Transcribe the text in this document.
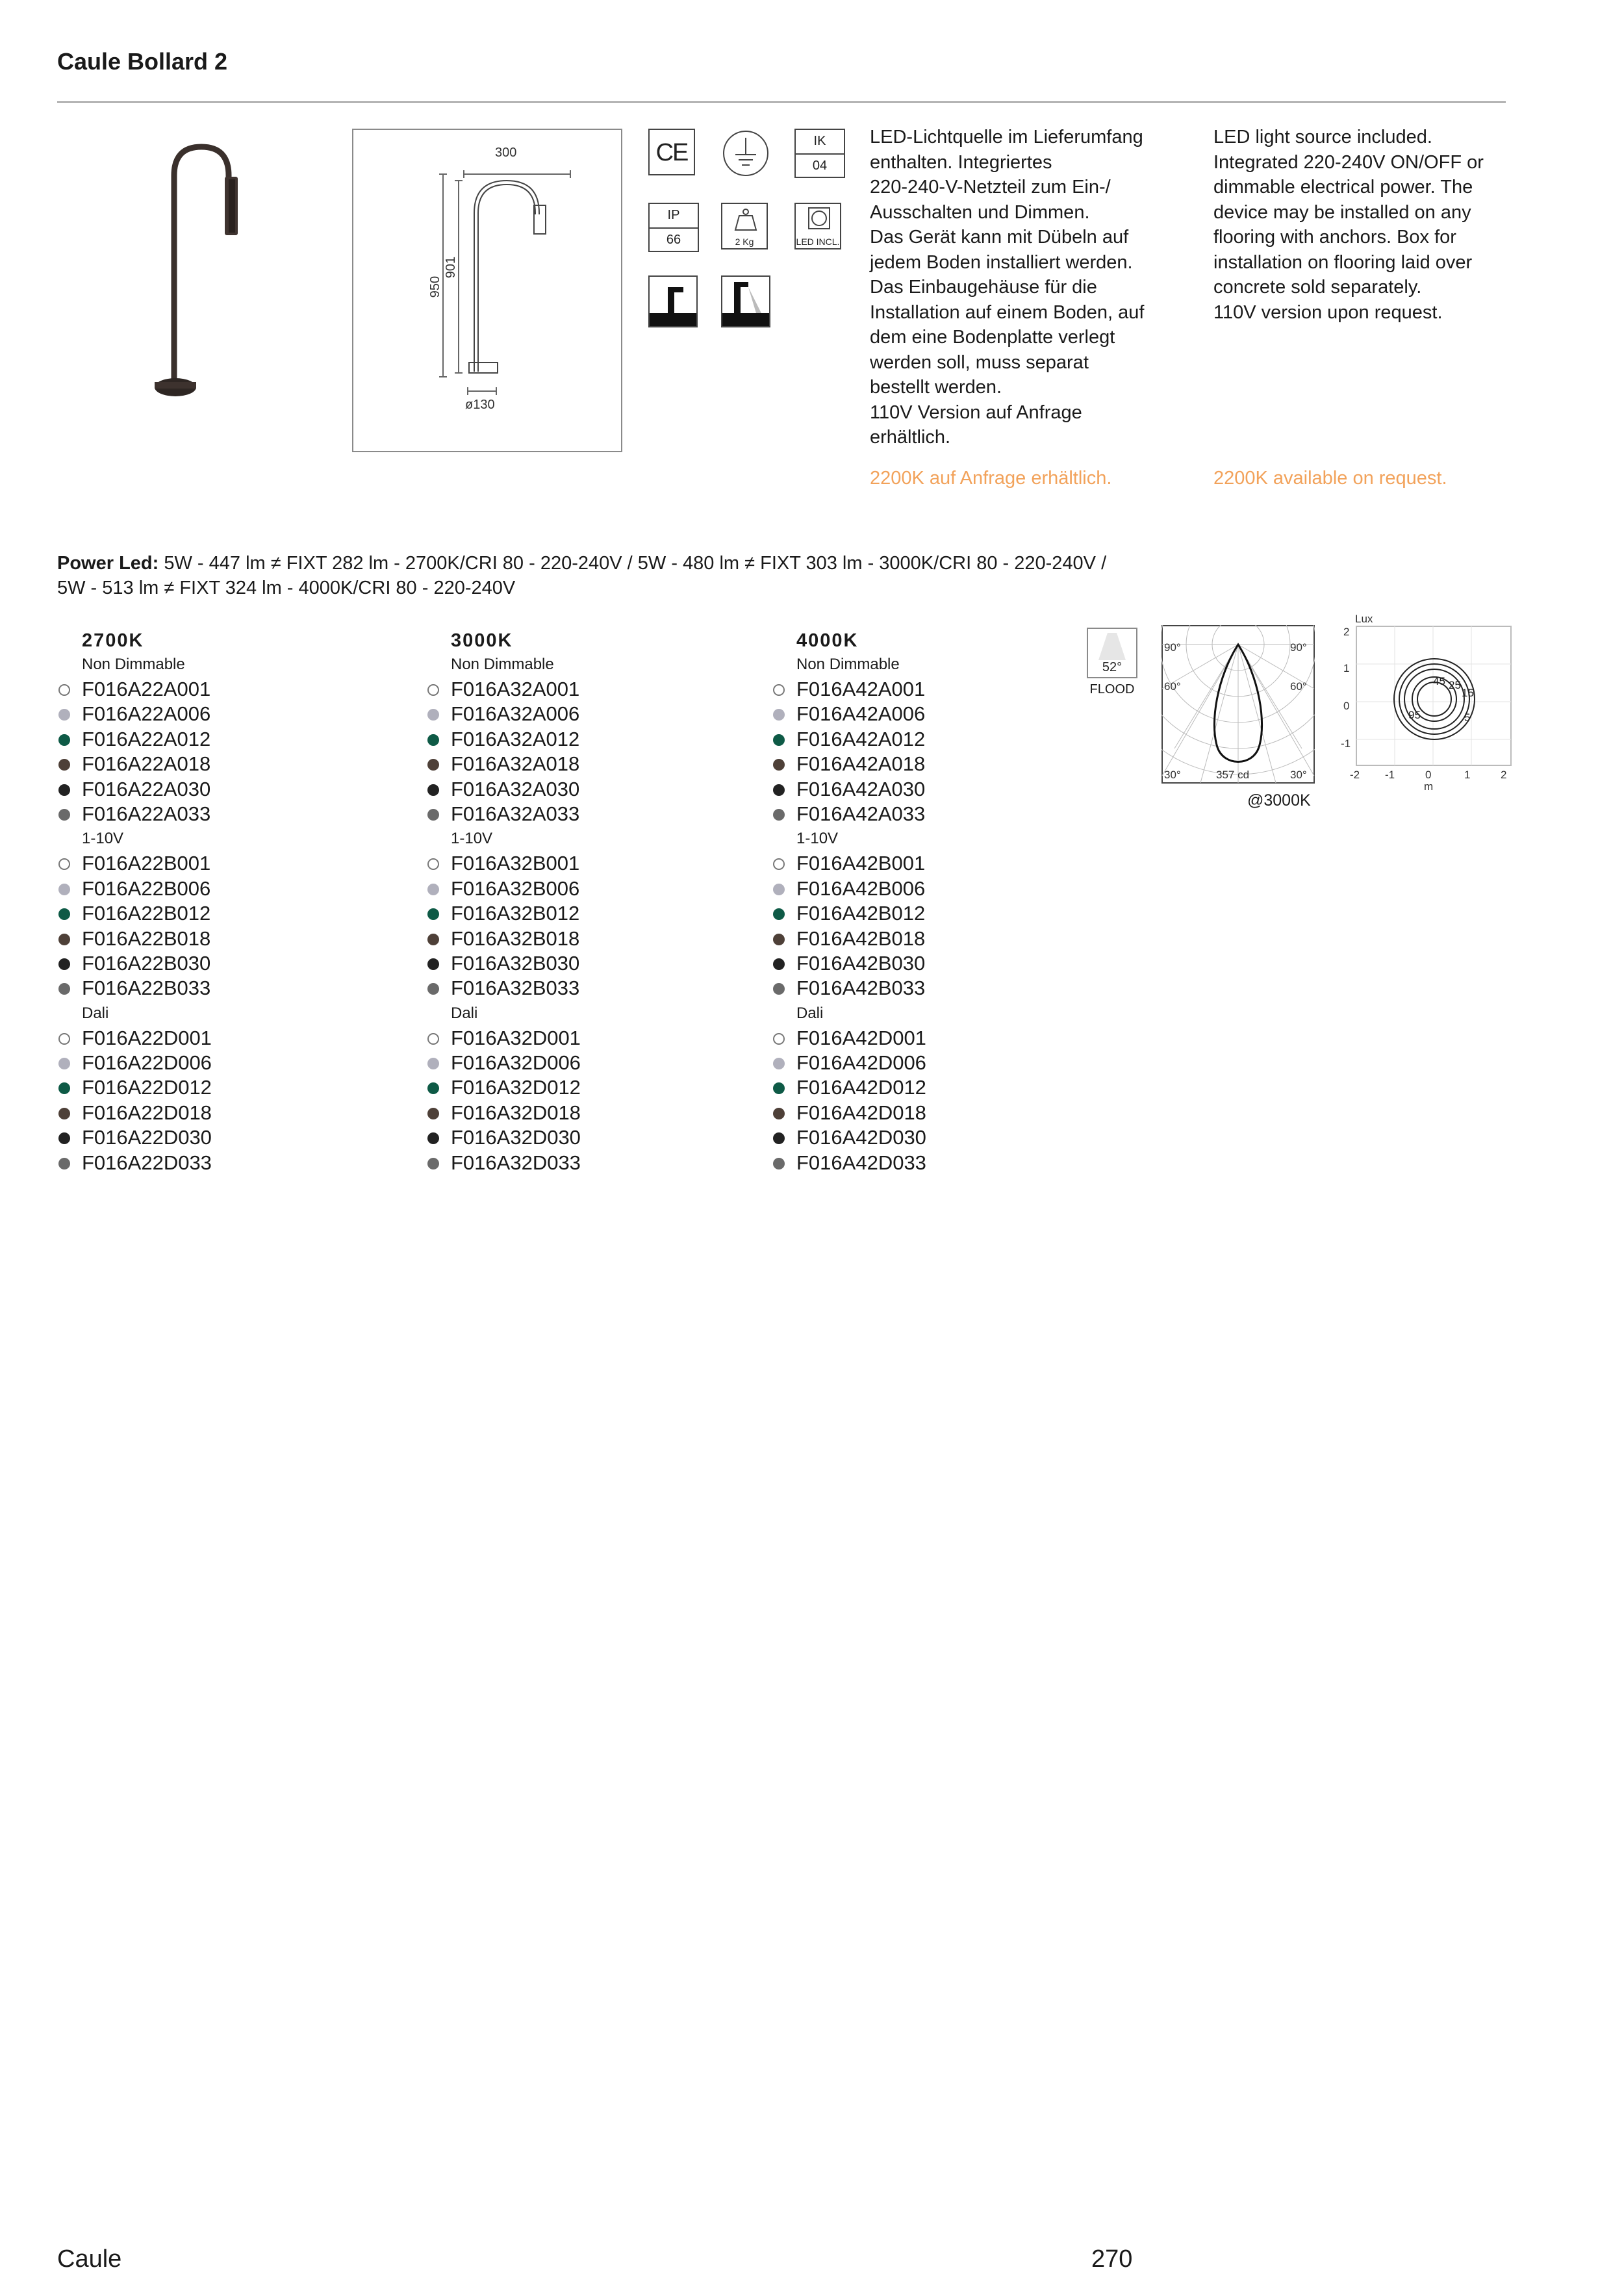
Caule Bollard 2
300
950
901
ø130
CE	IK
04
IP
66	2 Kg	LED INCL.
LED-Lichtquelle im Lieferumfang
enthalten. Integriertes
220-240-V-Netzteil zum Ein-/
Ausschalten und Dimmen.
Das Gerät kann mit Dübeln auf
jedem Boden installiert werden.
Das Einbaugehäuse für die
Installation auf einem Boden, auf
dem eine Bodenplatte verlegt
werden soll, muss separat
bestellt werden.
110V Version auf Anfrage
erhältlich.
LED light source included.
Integrated 220-240V ON/OFF or
dimmable electrical power. The
device may be installed on any
flooring with anchors. Box for
installation on flooring laid over
concrete sold separately.
110V version upon request.
2200K auf Anfrage erhältlich.	2200K available on request.
Power Led: 5W - 447 lm ≠ FIXT 282 lm - 2700K/CRI 80 - 220-240V / 5W - 480 lm ≠ FIXT 303 lm - 3000K/CRI 80 - 220-240V /
5W - 513 lm ≠ FIXT 324 lm - 4000K/CRI 80 - 220-240V
2700K
Non Dimmable
F016A22A001
F016A22A006
F016A22A012
F016A22A018
F016A22A030
F016A22A033
1-10V
F016A22B001
F016A22B006
F016A22B012
F016A22B018
F016A22B030
F016A22B033
Dali
F016A22D001
F016A22D006
F016A22D012
F016A22D018
F016A22D030
F016A22D033
3000K
Non Dimmable
F016A32A001
F016A32A006
F016A32A012
F016A32A018
F016A32A030
F016A32A033
1-10V
F016A32B001
F016A32B006
F016A32B012
F016A32B018
F016A32B030
F016A32B033
Dali
F016A32D001
F016A32D006
F016A32D012
F016A32D018
F016A32D030
F016A32D033
4000K
Non Dimmable
F016A42A001
F016A42A006
F016A42A012
F016A42A018
F016A42A030
F016A42A033
1-10V
F016A42B001
F016A42B006
F016A42B012
F016A42B018
F016A42B030
F016A42B033
Dali
F016A42D001
F016A42D006
F016A42D012
F016A42D018
F016A42D030
F016A42D033
52°
FLOOD
90°	90°
60°	60°
30°	30°
357 cd
@3000K
Lux
2
1
0
-1
-2 -1	0	1	2
m
45 25
15
5
95
Caule	270
